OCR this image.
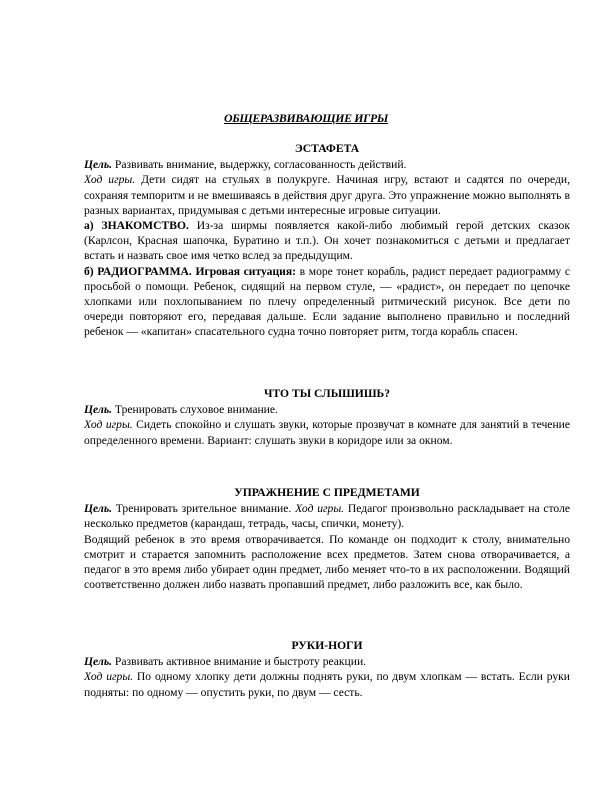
ОБЩЕРАЗВИВАЮЩИЕ ИГРЫ

ЭСТАФЕТА

Цель. Развивать внимание, выдержку, согласованность действий.

Ход игры. Дети сидят на стульях в полукруге. Начиная игру, встают и садятся по очереди, сохраняя темпоритм и не вмешиваясь в действия друг друга. Это упражнение можно выполнять в разных вариантах, придумывая с детьми интересные игровые ситуации.

а) ЗНАКОМСТВО. Из-за ширмы появляется какой-либо любимый герой детских сказок (Карлсон, Красная шапочка, Буратино и т.п.). Он хочет познакомиться с детьми и предлагает встать и назвать свое имя четко вслед за предыдущим.

б) РАДИОГРАММА. Игровая ситуация: в море тонет корабль, радист передает радиограмму с просьбой о помощи. Ребенок, сидящий на первом стуле, — «радист», он передает по цепочке хлопками или похлопыванием по плечу определенный ритмический рисунок. Все дети по очереди повторяют его, передавая дальше. Если задание выполнено правильно и последний ребенок — «капитан» спасательного судна точно повторяет ритм, тогда корабль спасен.

ЧТО ТЫ СЛЫШИШЬ?

Цель. Тренировать слуховое внимание.

Ход игры. Сидеть спокойно и слушать звуки, которые прозвучат в комнате для занятий в течение определенного времени. Вариант: слушать звуки в коридоре или за окном.

УПРАЖНЕНИЕ С ПРЕДМЕТАМИ

Цель. Тренировать зрительное внимание. Ход игры. Педагог произвольно раскладывает на столе несколько предметов (карандаш, тетрадь, часы, спички, монету).

Водящий ребенок в это время отворачивается. По команде он подходит к столу, внимательно смотрит и старается запомнить расположение всех предметов. Затем снова отворачивается, а педагог в это время либо убирает один предмет, либо меняет что-то в их расположении. Водящий соответственно должен либо назвать пропавший предмет, либо разложить все, как было.

РУКИ-НОГИ

Цель. Развивать активное внимание и быстроту реакции.

Ход игры. По одному хлопку дети должны поднять руки, по двум хлопкам — встать. Если руки подняты: по одному — опустить руки, по двум — сесть.
